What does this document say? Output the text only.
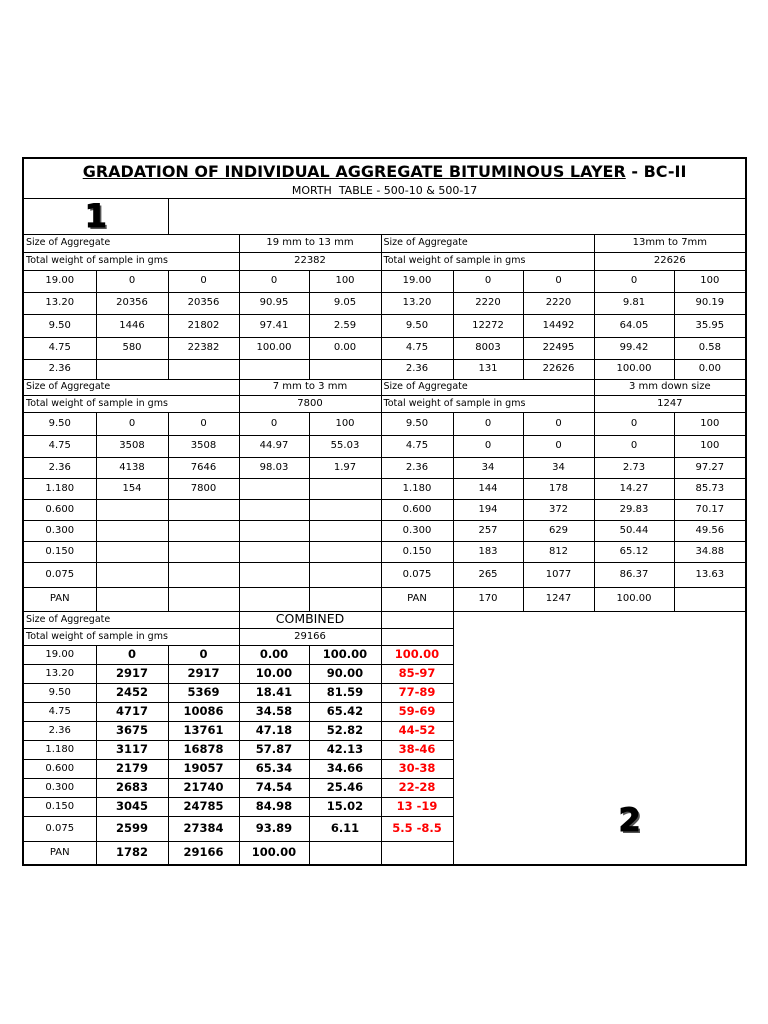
GRADATION OF INDIVIDUAL AGGREGATE BITUMINOUS LAYER - BC-II
MORTH  TABLE - 500-10 & 500-17									

1									
Size of Aggregate			19 mm to 13 mm		Size of Aggregate			13mm to 7mm	
Total weight of sample in gms			22382		Total weight of sample in gms			22626	
19.00	0	0	0	100	19.00	0	0	0	100
13.20	20356	20356	90.95	9.05	13.20	2220	2220	9.81	90.19
9.50	1446	21802	97.41	2.59	9.50	12272	14492	64.05	35.95
4.75	580	22382	100.00	0.00	4.75	8003	22495	99.42	0.58
2.36					2.36	131	22626	100.00	0.00
Size of Aggregate			7 mm to 3 mm		Size of Aggregate			3 mm down size	
Total weight of sample in gms			7800		Total weight of sample in gms			1247	
9.50	0	0	0	100	9.50	0	0	0	100
4.75	3508	3508	44.97	55.03	4.75	0	0	0	100
2.36	4138	7646	98.03	1.97	2.36	34	34	2.73	97.27
1.180	154	7800			1.180	144	178	14.27	85.73
0.600					0.600	194	372	29.83	70.17
0.300					0.300	257	629	50.44	49.56
0.150					0.150	183	812	65.12	34.88
0.075					0.075	265	1077	86.37	13.63
PAN					PAN	170	1247	100.00	
Size of Aggregate			COMBINED			2			
Total weight of sample in gms			29166						
19.00	0	0	0.00	100.00	100.00				
13.20	2917	2917	10.00	90.00	85-97				
9.50	2452	5369	18.41	81.59	77-89				
4.75	4717	10086	34.58	65.42	59-69				
2.36	3675	13761	47.18	52.82	44-52				
1.180	3117	16878	57.87	42.13	38-46				
0.600	2179	19057	65.34	34.66	30-38				
0.300	2683	21740	74.54	25.46	22-28				
0.150	3045	24785	84.98	15.02	13 -19				
0.075	2599	27384	93.89	6.11	5.5 -8.5				
PAN	1782	29166	100.00						
